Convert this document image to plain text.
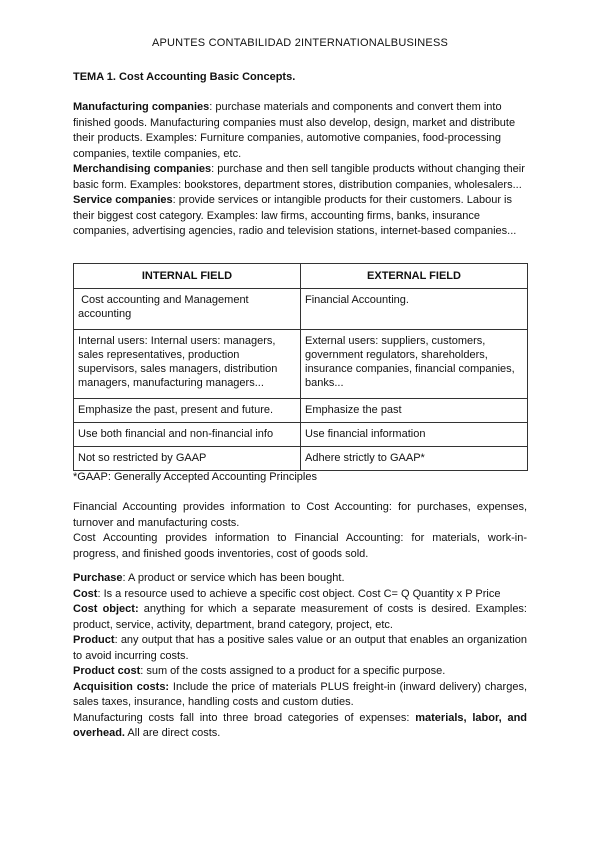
APUNTES CONTABILIDAD 2INTERNATIONALBUSINESS
TEMA 1. Cost Accounting Basic Concepts.

Manufacturing companies: purchase materials and components and convert them into finished goods. Manufacturing companies must also develop, design, market and distribute their products. Examples: Furniture companies, automotive companies, food-processing companies, textile companies, etc.

Merchandising companies: purchase and then sell tangible products without changing their basic form. Examples: bookstores, department stores, distribution companies, wholesalers...

Service companies: provide services or intangible products for their customers. Labour is their biggest cost category. Examples: law firms, accounting firms, banks, insurance companies, advertising agencies, radio and television stations, internet-based companies...

INTERNAL FIELD	EXTERNAL FIELD
Cost accounting and Management accounting	Financial Accounting.
Internal users: Internal users: managers, sales representatives, production supervisors, sales managers, distribution managers, manufacturing managers...	External users: suppliers, customers, government regulators, shareholders, insurance companies, financial companies, banks...
Emphasize the past, present and future.	Emphasize the past
Use both financial and non-financial info	Use financial information
Not so restricted by GAAP	Adhere strictly to GAAP*
*GAAP: Generally Accepted Accounting Principles

Financial Accounting provides information to Cost Accounting: for purchases, expenses, turnover and manufacturing costs.

Cost Accounting provides information to Financial Accounting: for materials, work-in-progress, and finished goods inventories, cost of goods sold.

Purchase: A product or service which has been bought.

Cost: Is a resource used to achieve a specific cost object. Cost C= Q Quantity x P Price

Cost object: anything for which a separate measurement of costs is desired. Examples: product, service, activity, department, brand category, project, etc.

Product: any output that has a positive sales value or an output that enables an organization to avoid incurring costs.

Product cost: sum of the costs assigned to a product for a specific purpose.

Acquisition costs: Include the price of materials PLUS freight-in (inward delivery) charges, sales taxes, insurance, handling costs and custom duties.

Manufacturing costs fall into three broad categories of expenses: materials, labor, and overhead. All are direct costs.
